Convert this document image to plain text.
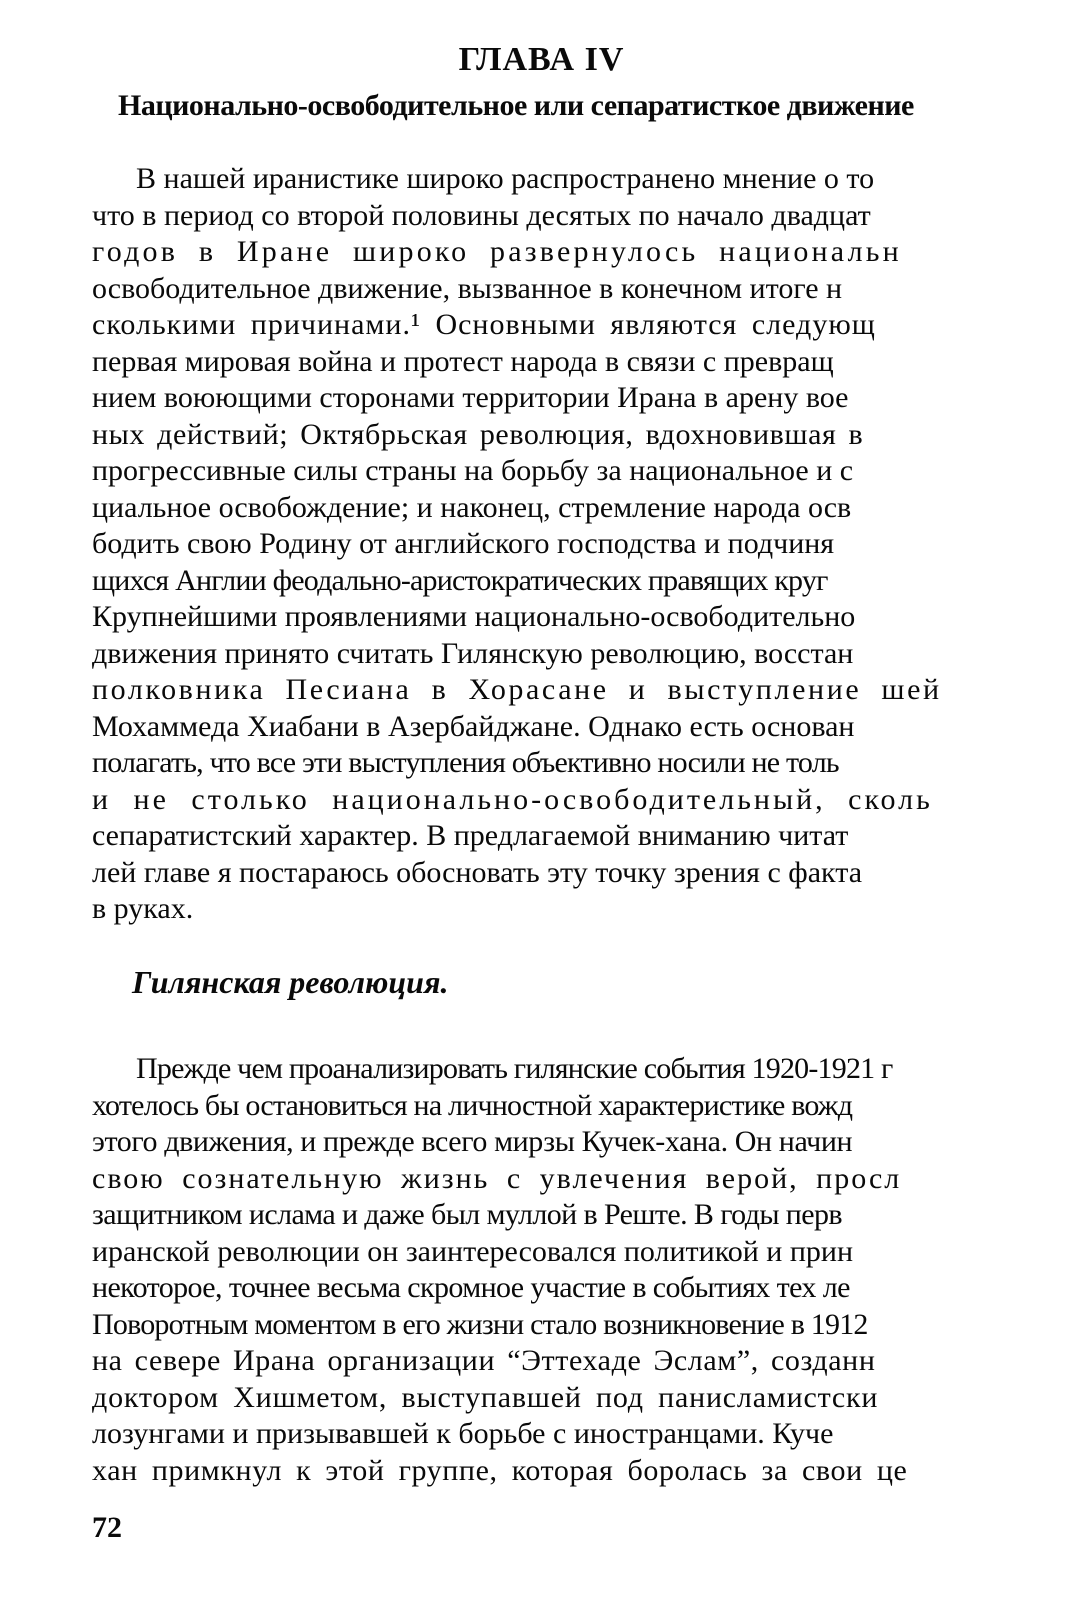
ГЛАВА IV
Национально-освободительное или сепаратисткое движение
В нашей иранистике широко распространено мнение о то
что в период со второй половины десятых по начало двадцат
годов в Иране широко развернулось национальн
освободительное движение, вызванное в конечном итоге н
сколькими причинами.¹ Основными являются следующ
первая мировая война и протест народа в связи с превращ
нием воюющими сторонами территории Ирана в арену вое
ных действий; Октябрьская революция, вдохновившая в
прогрессивные силы страны на борьбу за национальное и с
циальное освобождение; и наконец, стремление народа осв
бодить свою Родину от английского господства и подчиня
щихся Англии феодально-аристократических правящих круг
Крупнейшими проявлениями национально-освободительно
движения принято считать Гилянскую революцию, восстан
полковника Песиана в Хорасане и выступление шей
Мохаммеда Хиабани в Азербайджане. Однако есть основан
полагать, что все эти выступления объективно носили не толь
и не столько национально-освободительный, сколь
сепаратистский характер. В предлагаемой вниманию читат
лей главе я постараюсь обосновать эту точку зрения с факта
в руках.
Гилянская революция.
Прежде чем проанализировать гилянские события 1920-1921 г
хотелось бы остановиться на личностной характеристике вожд
этого движения, и прежде всего мирзы Кучек-хана. Он начин
свою сознательную жизнь с увлечения верой, просл
защитником ислама и даже был муллой в Реште. В годы перв
иранской революции он заинтересовался политикой и прин
некоторое, точнее весьма скромное участие в событиях тех ле
Поворотным моментом в его жизни стало возникновение в 1912
на севере Ирана организации “Эттехаде Эслам”, созданн
доктором Хишметом, выступавшей под панисламистски
лозунгами и призывавшей к борьбе с иностранцами. Куче
хан примкнул к этой группе, которая боролась за свои це
72
